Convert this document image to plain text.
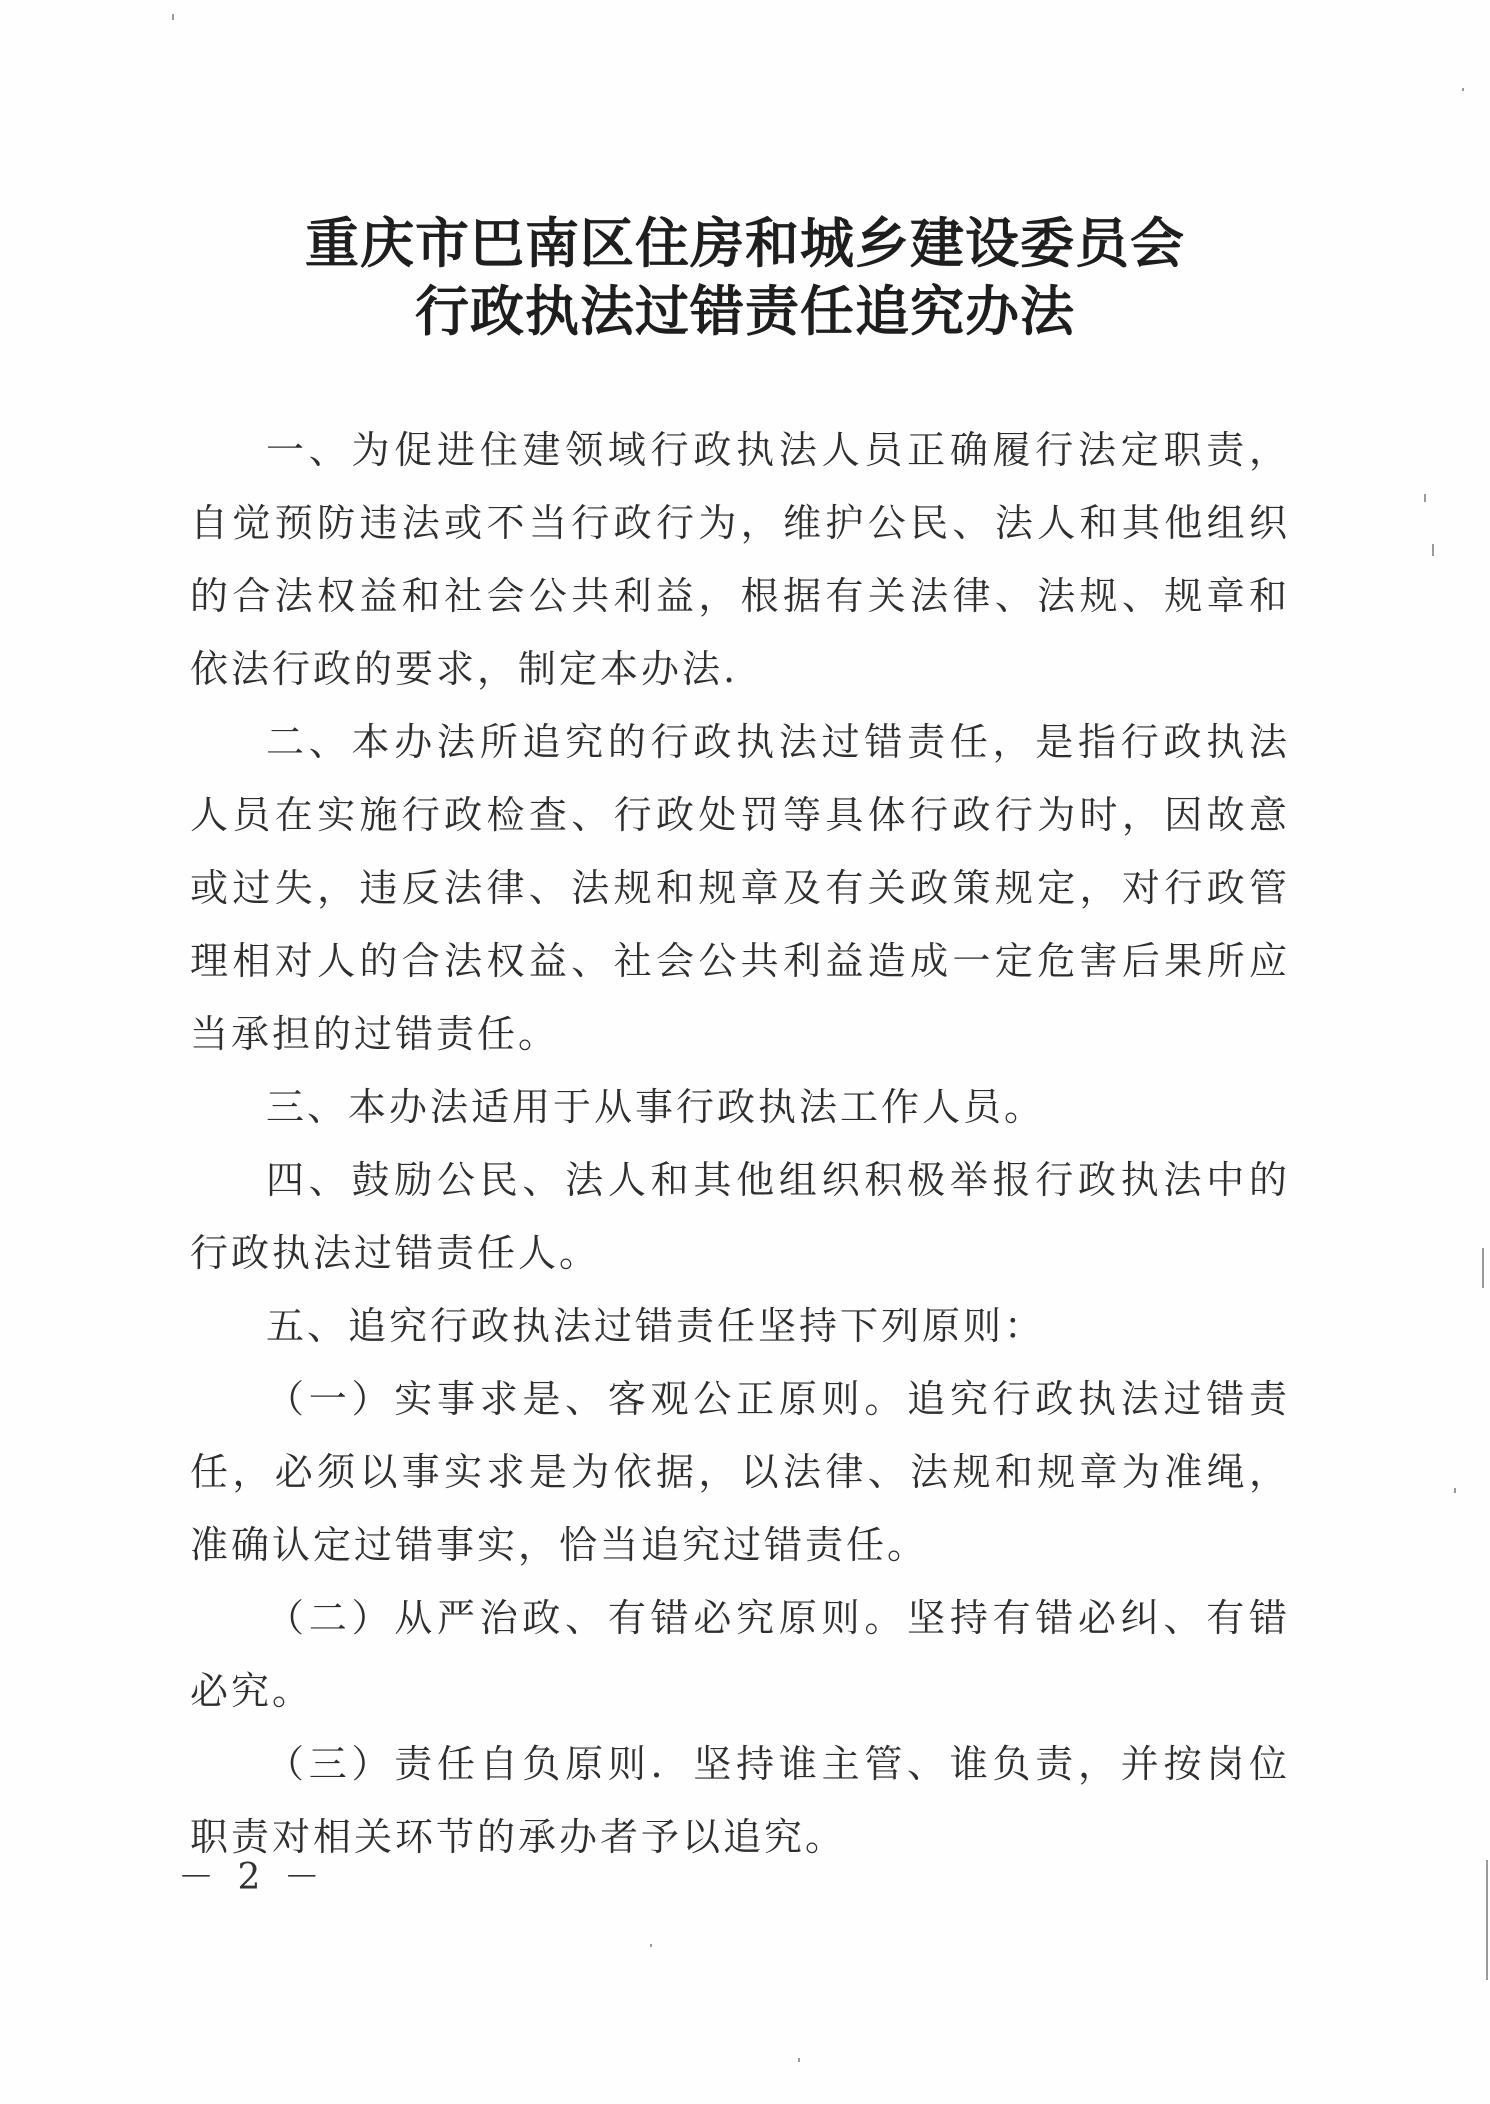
重庆市巴南区住房和城乡建设委员会
行政执法过错责任追究办法

一、为促进住建领域行政执法人员正确履行法定职责，自觉预防违法或不当行政行为，维护公民、法人和其他组织的合法权益和社会公共利益，根据有关法律、法规、规章和依法行政的要求，制定本办法.

二、本办法所追究的行政执法过错责任，是指行政执法人员在实施行政检查、行政处罚等具体行政行为时，因故意或过失，违反法律、法规和规章及有关政策规定，对行政管理相对人的合法权益、社会公共利益造成一定危害后果所应当承担的过错责任。

三、本办法适用于从事行政执法工作人员。

四、鼓励公民、法人和其他组织积极举报行政执法中的行政执法过错责任人。

五、追究行政执法过错责任坚持下列原则：

（一）实事求是、客观公正原则。追究行政执法过错责任，必须以事实求是为依据，以法律、法规和规章为准绳，准确认定过错事实，恰当追究过错责任。

（二）从严治政、有错必究原则。坚持有错必纠、有错必究。

（三）责任自负原则．坚持谁主管、谁负责，并按岗位职责对相关环节的承办者予以追究。

－ 2 －
